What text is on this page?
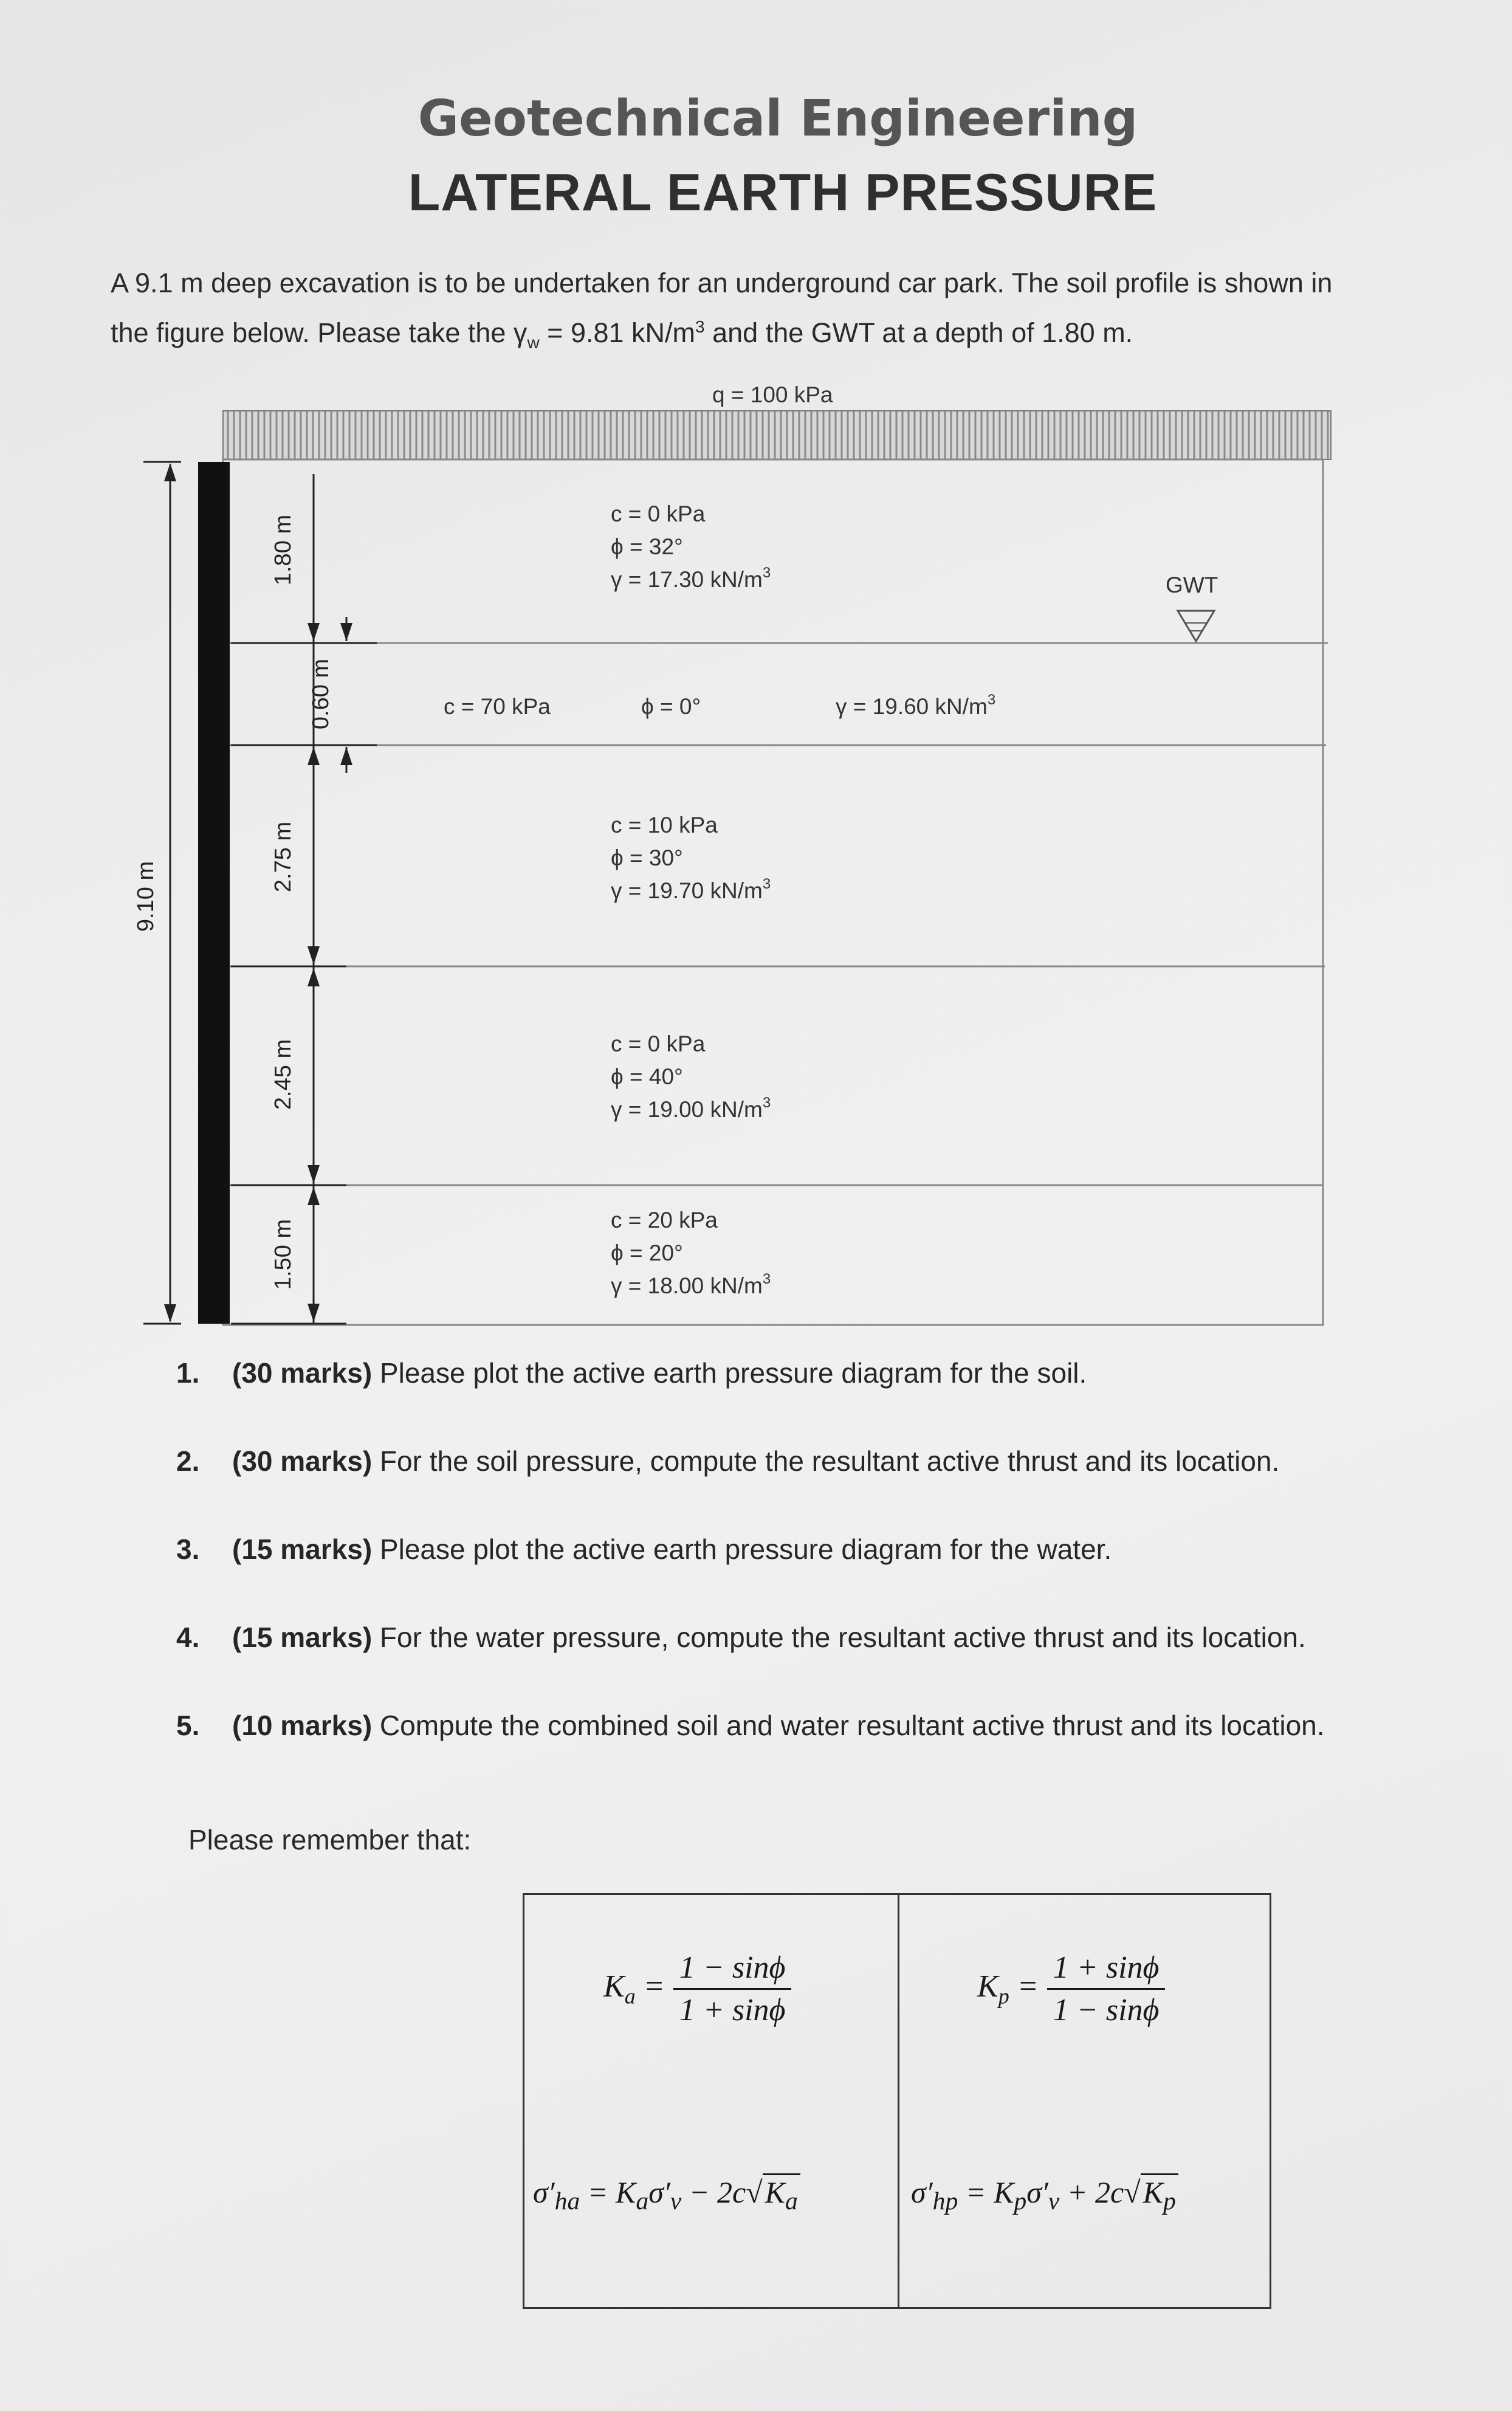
Geotechnical Engineering
LATERAL EARTH PRESSURE
A 9.1 m deep excavation is to be undertaken for an underground car park. The soil profile is shown in
the figure below. Please take the $\gamma_w = 9.81$ $kN/m^3$ and the GWT at a depth of 1.80 m.
q = 100 kPa
9.10 m
1.80 m
0.60 m
2.75 m
2.45 m
1.50 m
GWT
c = 0 kPa
ϕ = 32°
γ = 17.30 $kN/m^3$
c = 70 kPa	ϕ = 0°	γ = 19.60 $kN/m^3$
c = 10 kPa
ϕ = 30°
γ = 19.70 $kN/m^3$
c = 0 kPa
ϕ = 40°
γ = 19.00 $kN/m^3$
c = 20 kPa
ϕ = 20°
γ = 18.00 $kN/m^3$
1. (30 marks) Please plot the active earth pressure diagram for the soil.
2. (30 marks) For the soil pressure, compute the resultant active thrust and its location.
3. (15 marks) Please plot the active earth pressure diagram for the water.
4. (15 marks) For the water pressure, compute the resultant active thrust and its location.
5. (10 marks) Compute the combined soil and water resultant active thrust and its location.
Please remember that:
$K_a = \frac{1 - \sin\phi}{1 + \sin\phi}$	$K_p = \frac{1 + \sin\phi}{1 - \sin\phi}$
$\sigma'_{ha} = K_a\sigma'_v - 2c√K_a$	$\sigma'_{hp} = K_p\sigma'_v + 2c√K_p$
